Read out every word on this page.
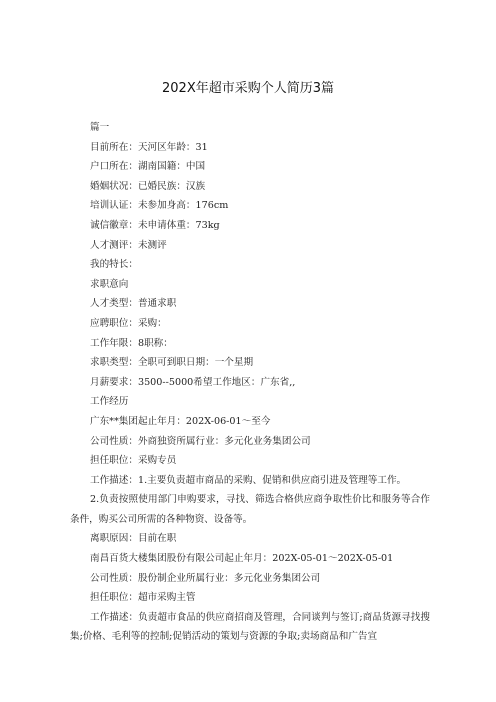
202X年超市采购个人简历3篇
篇一
目前所在：天河区年龄：31
户口所在：湖南国籍：中国
婚姻状况：已婚民族：汉族
培训认证：未参加身高：176cm
诚信徽章：未申请体重：73kg
人才测评：未测评
我的特长：
求职意向
人才类型：普通求职
应聘职位：采购：
工作年限：8职称：
求职类型：全职可到职日期：一个星期
月薪要求：3500--5000希望工作地区：广东省,,
工作经历
广东**集团起止年月：202X-06-01～至今
公司性质：外商独资所属行业：多元化业务集团公司
担任职位：采购专员
工作描述：1.主要负责超市商品的采购、促销和供应商引进及管理等工作。
2.负责按照使用部门申购要求，寻找、筛选合格供应商争取性价比和服务等合作条件，购买公司所需的各种物资、设备等。
离职原因：目前在职
南昌百货大楼集团股份有限公司起止年月：202X-05-01～202X-05-01
公司性质：股份制企业所属行业：多元化业务集团公司
担任职位：超市采购主管
工作描述：负责超市食品的供应商招商及管理，合同谈判与签订;商品货源寻找搜集;价格、毛利等的控制;促销活动的策划与资源的争取;卖场商品和广告宣
